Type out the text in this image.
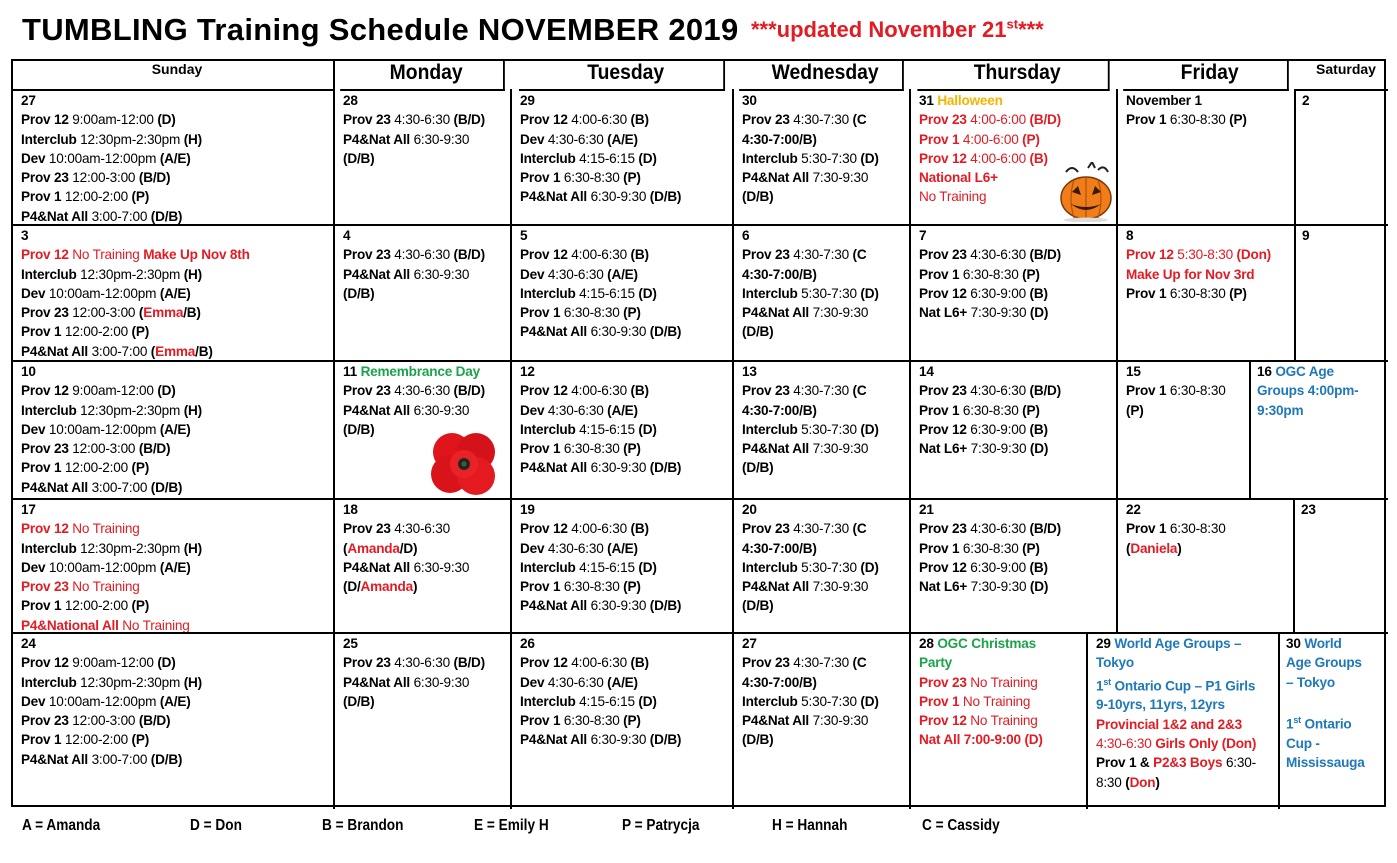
TUMBLING Training Schedule NOVEMBER 2019 ***updated November 21st***
Sunday	Monday	Tuesday	Wednesday	Thursday	Friday	Saturday
27
Prov 12 9:00am-12:00 (D)
Interclub 12:30pm-2:30pm (H)
Dev 10:00am-12:00pm (A/E)
Prov 23 12:00-3:00 (B/D)
Prov 1 12:00-2:00 (P)
P4&Nat All 3:00-7:00 (D/B)
28
Prov 23 4:30-6:30 (B/D)
P4&Nat All 6:30-9:30
(D/B)
29
Prov 12 4:00-6:30 (B)
Dev 4:30-6:30 (A/E)
Interclub 4:15-6:15 (D)
Prov 1 6:30-8:30 (P)
P4&Nat All 6:30-9:30 (D/B)
30
Prov 23 4:30-7:30 (C
4:30-7:00/B)
Interclub 5:30-7:30 (D)
P4&Nat All 7:30-9:30
(D/B)
31 Halloween
Prov 23 4:00-6:00 (B/D)
Prov 1 4:00-6:00 (P)
Prov 12 4:00-6:00 (B)
National L6+
No Training
November 1
Prov 1 6:30-8:30 (P)
2
3
Prov 12 No Training Make Up Nov 8th
Interclub 12:30pm-2:30pm (H)
Dev 10:00am-12:00pm (A/E)
Prov 23 12:00-3:00 (Emma/B)
Prov 1 12:00-2:00 (P)
P4&Nat All 3:00-7:00 (Emma/B)
4
Prov 23 4:30-6:30 (B/D)
P4&Nat All 6:30-9:30
(D/B)
5
Prov 12 4:00-6:30 (B)
Dev 4:30-6:30 (A/E)
Interclub 4:15-6:15 (D)
Prov 1 6:30-8:30 (P)
P4&Nat All 6:30-9:30 (D/B)
6
Prov 23 4:30-7:30 (C
4:30-7:00/B)
Interclub 5:30-7:30 (D)
P4&Nat All 7:30-9:30
(D/B)
7
Prov 23 4:30-6:30 (B/D)
Prov 1 6:30-8:30 (P)
Prov 12 6:30-9:00 (B)
Nat L6+ 7:30-9:30 (D)
8
Prov 12 5:30-8:30 (Don)
Make Up for Nov 3rd
Prov 1 6:30-8:30 (P)
9
10
Prov 12 9:00am-12:00 (D)
Interclub 12:30pm-2:30pm (H)
Dev 10:00am-12:00pm (A/E)
Prov 23 12:00-3:00 (B/D)
Prov 1 12:00-2:00 (P)
P4&Nat All 3:00-7:00 (D/B)
11 Remembrance Day
Prov 23 4:30-6:30 (B/D)
P4&Nat All 6:30-9:30
(D/B)
12
Prov 12 4:00-6:30 (B)
Dev 4:30-6:30 (A/E)
Interclub 4:15-6:15 (D)
Prov 1 6:30-8:30 (P)
P4&Nat All 6:30-9:30 (D/B)
13
Prov 23 4:30-7:30 (C
4:30-7:00/B)
Interclub 5:30-7:30 (D)
P4&Nat All 7:30-9:30
(D/B)
14
Prov 23 4:30-6:30 (B/D)
Prov 1 6:30-8:30 (P)
Prov 12 6:30-9:00 (B)
Nat L6+ 7:30-9:30 (D)
15
Prov 1 6:30-8:30
(P)
16 OGC Age
Groups 4:00pm-
9:30pm
17
Prov 12 No Training
Interclub 12:30pm-2:30pm (H)
Dev 10:00am-12:00pm (A/E)
Prov 23 No Training
Prov 1 12:00-2:00 (P)
P4&National All No Training
18
Prov 23 4:30-6:30
(Amanda/D)
P4&Nat All 6:30-9:30
(D/Amanda)
19
Prov 12 4:00-6:30 (B)
Dev 4:30-6:30 (A/E)
Interclub 4:15-6:15 (D)
Prov 1 6:30-8:30 (P)
P4&Nat All 6:30-9:30 (D/B)
20
Prov 23 4:30-7:30 (C
4:30-7:00/B)
Interclub 5:30-7:30 (D)
P4&Nat All 7:30-9:30
(D/B)
21
Prov 23 4:30-6:30 (B/D)
Prov 1 6:30-8:30 (P)
Prov 12 6:30-9:00 (B)
Nat L6+ 7:30-9:30 (D)
22
Prov 1 6:30-8:30
(Daniela)
23
24
Prov 12 9:00am-12:00 (D)
Interclub 12:30pm-2:30pm (H)
Dev 10:00am-12:00pm (A/E)
Prov 23 12:00-3:00 (B/D)
Prov 1 12:00-2:00 (P)
P4&Nat All 3:00-7:00 (D/B)
25
Prov 23 4:30-6:30 (B/D)
P4&Nat All 6:30-9:30
(D/B)
26
Prov 12 4:00-6:30 (B)
Dev 4:30-6:30 (A/E)
Interclub 4:15-6:15 (D)
Prov 1 6:30-8:30 (P)
P4&Nat All 6:30-9:30 (D/B)
27
Prov 23 4:30-7:30 (C
4:30-7:00/B)
Interclub 5:30-7:30 (D)
P4&Nat All 7:30-9:30
(D/B)
28 OGC Christmas
Party
Prov 23 No Training
Prov 1 No Training
Prov 12 No Training
Nat All 7:00-9:00 (D)
29 World Age Groups –
Tokyo
1st Ontario Cup – P1 Girls
9-10yrs, 11yrs, 12yrs
Provincial 1&2 and 2&3
4:30-6:30 Girls Only (Don)
Prov 1 & P2&3 Boys 6:30-
8:30 (Don)
30 World
Age Groups
– Tokyo

1st Ontario
Cup -
Mississauga
A = Amanda	D = Don	B = Brandon	E = Emily H	P = Patrycja	H = Hannah	C = Cassidy
